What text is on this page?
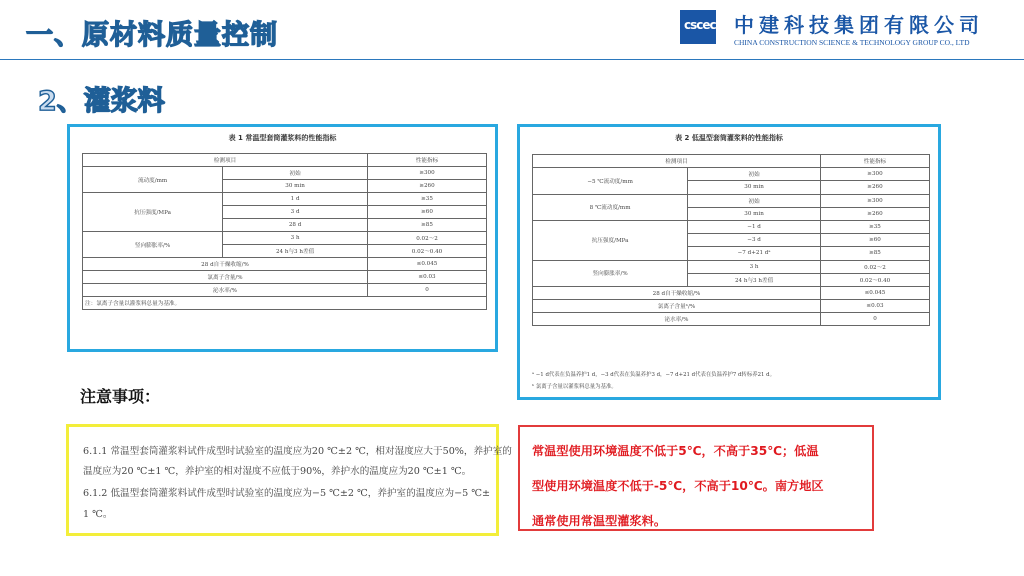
一、原材料质量控制	cscec 中建科技集团有限公司
CHINA CONSTRUCTION SCIENCE & TECHNOLOGY GROUP CO., LTD
2、灌浆料
表 1 常温型套筒灌浆料的性能指标
检测项目		性能指标
流动度/mm	初始	≥300
	30 min	≥260
抗压强度/MPa	1 d	≥35
	3 d	≥60
	28 d	≥85
竖向膨胀率/%	3 h	0.02～2
	24 h与3 h差值	0.02～0.40
28 d自干燥收缩/%		≤0.045
氯离子含量/%		≤0.03
泌水率/%		0
注：氯离子含量以灌浆料总量为基准。		
表 2 低温型套筒灌浆料的性能指标
检测项目		性能指标
−5 ℃流动度/mm	初始	≥300
	30 min	≥260
8 ℃流动度/mm	初始	≥300
	30 min	≥260
抗压强度/MPa	−1 d	≥35
	−3 d	≥60
	−7 d+21 dᵃ	≥85
竖向膨胀率/%	3 h	0.02～2
	24 h与3 h差值	0.02～0.40
28 d自干燥收缩/%		≤0.045
氯离子含量ᵇ/%		≤0.03
泌水率/%		0
ᵃ −1 d代表在负温养护1 d，−3 d代表在负温养护3 d，−7 d+21 d代表在负温养护7 d转标养21 d。
ᵇ 氯离子含量以灌浆料总量为基准。
注意事项：

6.1.1 常温型套筒灌浆料试件成型时试验室的温度应为20 ℃±2 ℃，相对湿度应大于50%，养护室的

温度应为20 ℃±1 ℃，养护室的相对湿度不应低于90%，养护水的温度应为20 ℃±1 ℃。

6.1.2 低温型套筒灌浆料试件成型时试验室的温度应为−5 ℃±2 ℃，养护室的温度应为−5 ℃±

1 ℃。

常温型使用环境温度不低于5℃，不高于35℃；低温

型使用环境温度不低于-5℃，不高于10℃。南方地区

通常使用常温型灌浆料。
